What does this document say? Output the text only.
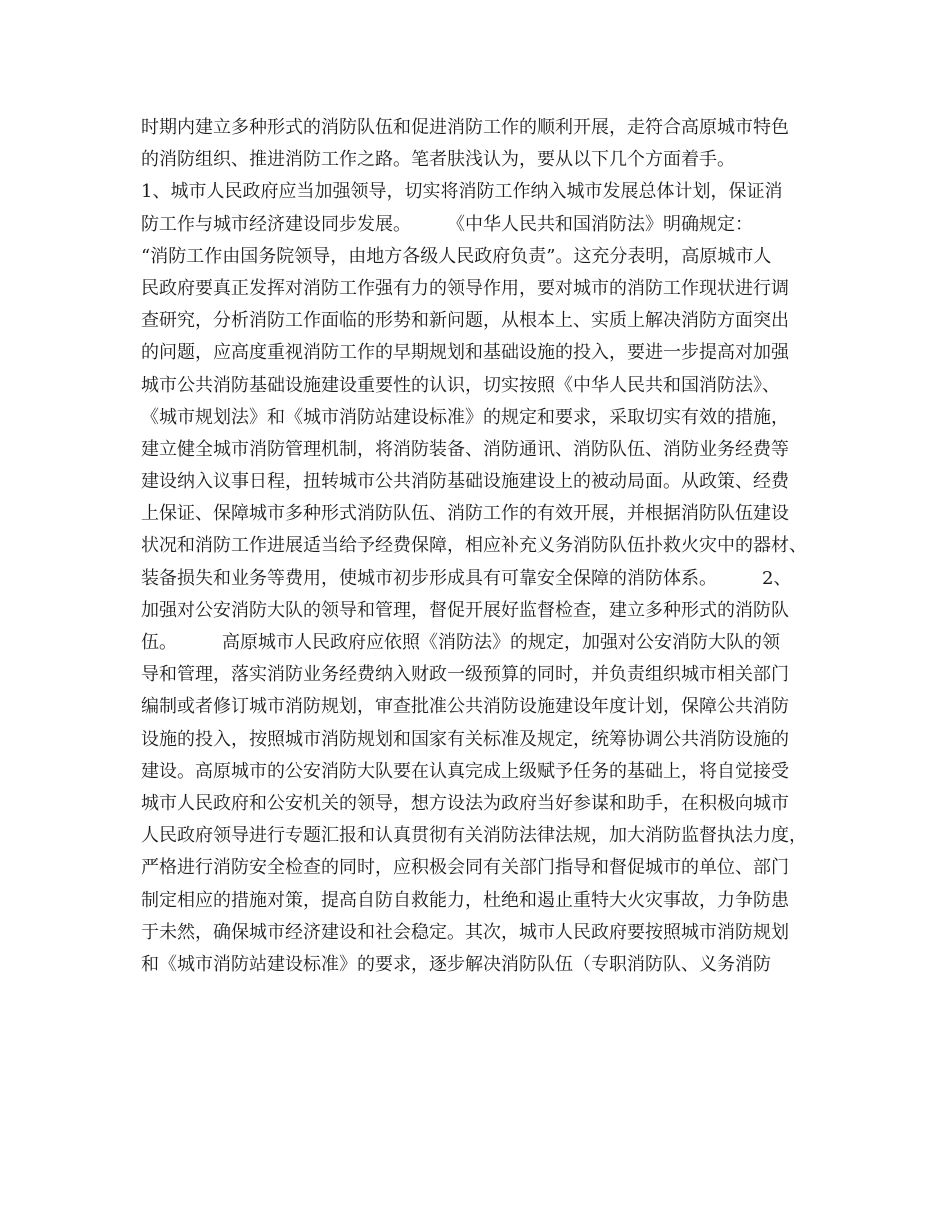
时期内建立多种形式的消防队伍和促进消防工作的顺利开展，走符合高原城市特色
的消防组织、推进消防工作之路。笔者肤浅认为，要从以下几个方面着手。
1、城市人民政府应当加强领导，切实将消防工作纳入城市发展总体计划，保证消
防工作与城市经济建设同步发展。　　　《中华人民共和国消防法》明确规定：
“消防工作由国务院领导，由地方各级人民政府负责”。这充分表明，高原城市人
民政府要真正发挥对消防工作强有力的领导作用，要对城市的消防工作现状进行调
查研究，分析消防工作面临的形势和新问题，从根本上、实质上解决消防方面突出
的问题，应高度重视消防工作的早期规划和基础设施的投入，要进一步提高对加强
城市公共消防基础设施建设重要性的认识，切实按照《中华人民共和国消防法》、
《城市规划法》和《城市消防站建设标准》的规定和要求，采取切实有效的措施，
建立健全城市消防管理机制，将消防装备、消防通讯、消防队伍、消防业务经费等
建设纳入议事日程，扭转城市公共消防基础设施建设上的被动局面。从政策、经费
上保证、保障城市多种形式消防队伍、消防工作的有效开展，并根据消防队伍建设
状况和消防工作进展适当给予经费保障，相应补充义务消防队伍扑救火灾中的器材、
装备损失和业务等费用，使城市初步形成具有可靠安全保障的消防体系。　　　2、
加强对公安消防大队的领导和管理，督促开展好监督检查，建立多种形式的消防队
伍。　　　高原城市人民政府应依照《消防法》的规定，加强对公安消防大队的领
导和管理，落实消防业务经费纳入财政一级预算的同时，并负责组织城市相关部门
编制或者修订城市消防规划，审查批准公共消防设施建设年度计划，保障公共消防
设施的投入，按照城市消防规划和国家有关标准及规定，统筹协调公共消防设施的
建设。高原城市的公安消防大队要在认真完成上级赋予任务的基础上，将自觉接受
城市人民政府和公安机关的领导，想方设法为政府当好参谋和助手，在积极向城市
人民政府领导进行专题汇报和认真贯彻有关消防法律法规，加大消防监督执法力度，
严格进行消防安全检查的同时，应积极会同有关部门指导和督促城市的单位、部门
制定相应的措施对策，提高自防自救能力，杜绝和遏止重特大火灾事故，力争防患
于未然，确保城市经济建设和社会稳定。其次，城市人民政府要按照城市消防规划
和《城市消防站建设标准》的要求，逐步解决消防队伍（专职消防队、义务消防
